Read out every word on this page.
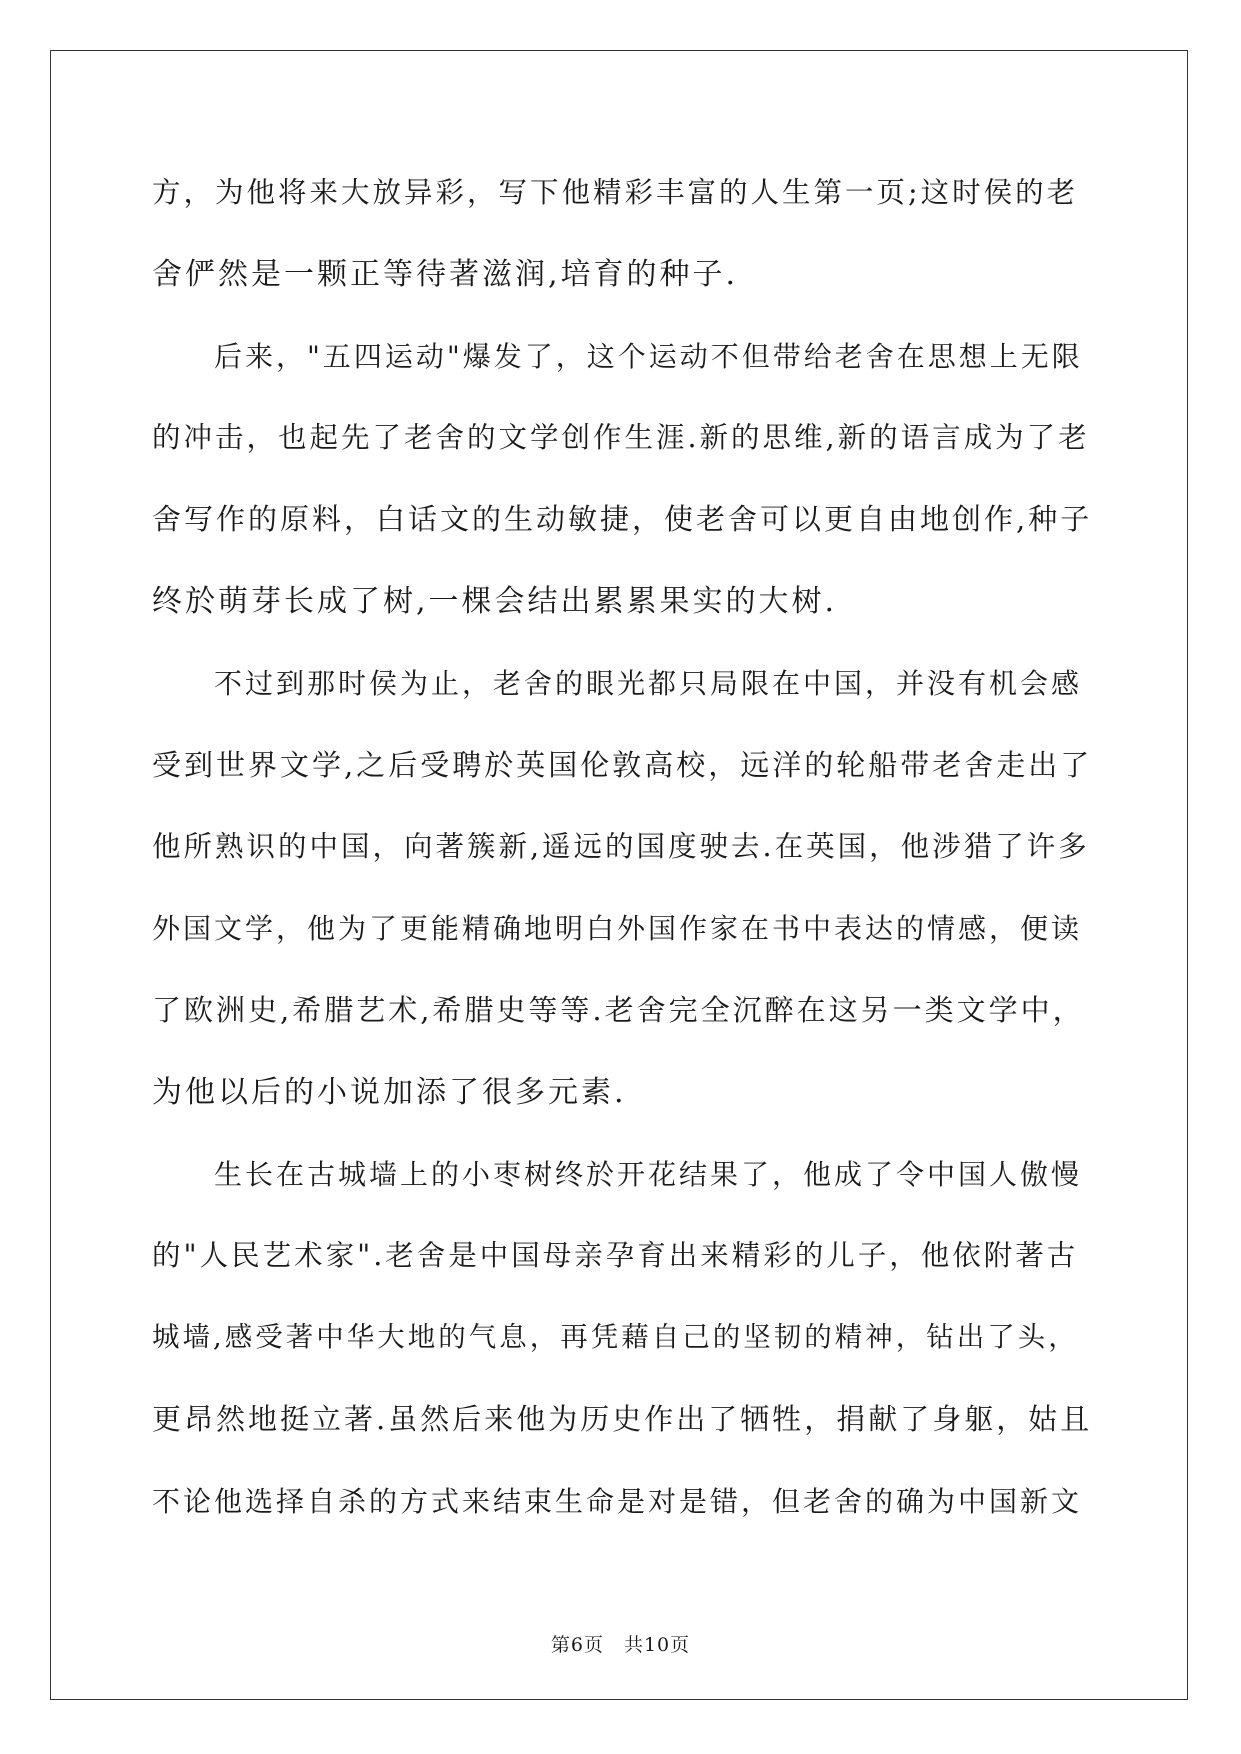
方，为他将来大放异彩，写下他精彩丰富的人生第一页;这时侯的老
舍俨然是一颗正等待著滋润,培育的种子.
后来，"五四运动"爆发了，这个运动不但带给老舍在思想上无限
的冲击，也起先了老舍的文学创作生涯.新的思维,新的语言成为了老
舍写作的原料，白话文的生动敏捷，使老舍可以更自由地创作,种子
终於萌芽长成了树,一棵会结出累累果实的大树.
不过到那时侯为止，老舍的眼光都只局限在中国，并没有机会感
受到世界文学,之后受聘於英国伦敦高校，远洋的轮船带老舍走出了
他所熟识的中国，向著簇新,遥远的国度驶去.在英国，他涉猎了许多
外国文学，他为了更能精确地明白外国作家在书中表达的情感，便读
了欧洲史,希腊艺术,希腊史等等.老舍完全沉醉在这另一类文学中，
为他以后的小说加添了很多元素.
生长在古城墙上的小枣树终於开花结果了，他成了令中国人傲慢
的"人民艺术家".老舍是中国母亲孕育出来精彩的儿子，他依附著古
城墙,感受著中华大地的气息，再凭藉自己的坚韧的精神，钻出了头，
更昂然地挺立著.虽然后来他为历史作出了牺牲，捐献了身躯，姑且
不论他选择自杀的方式来结束生命是对是错，但老舍的确为中国新文
第6页　共10页
